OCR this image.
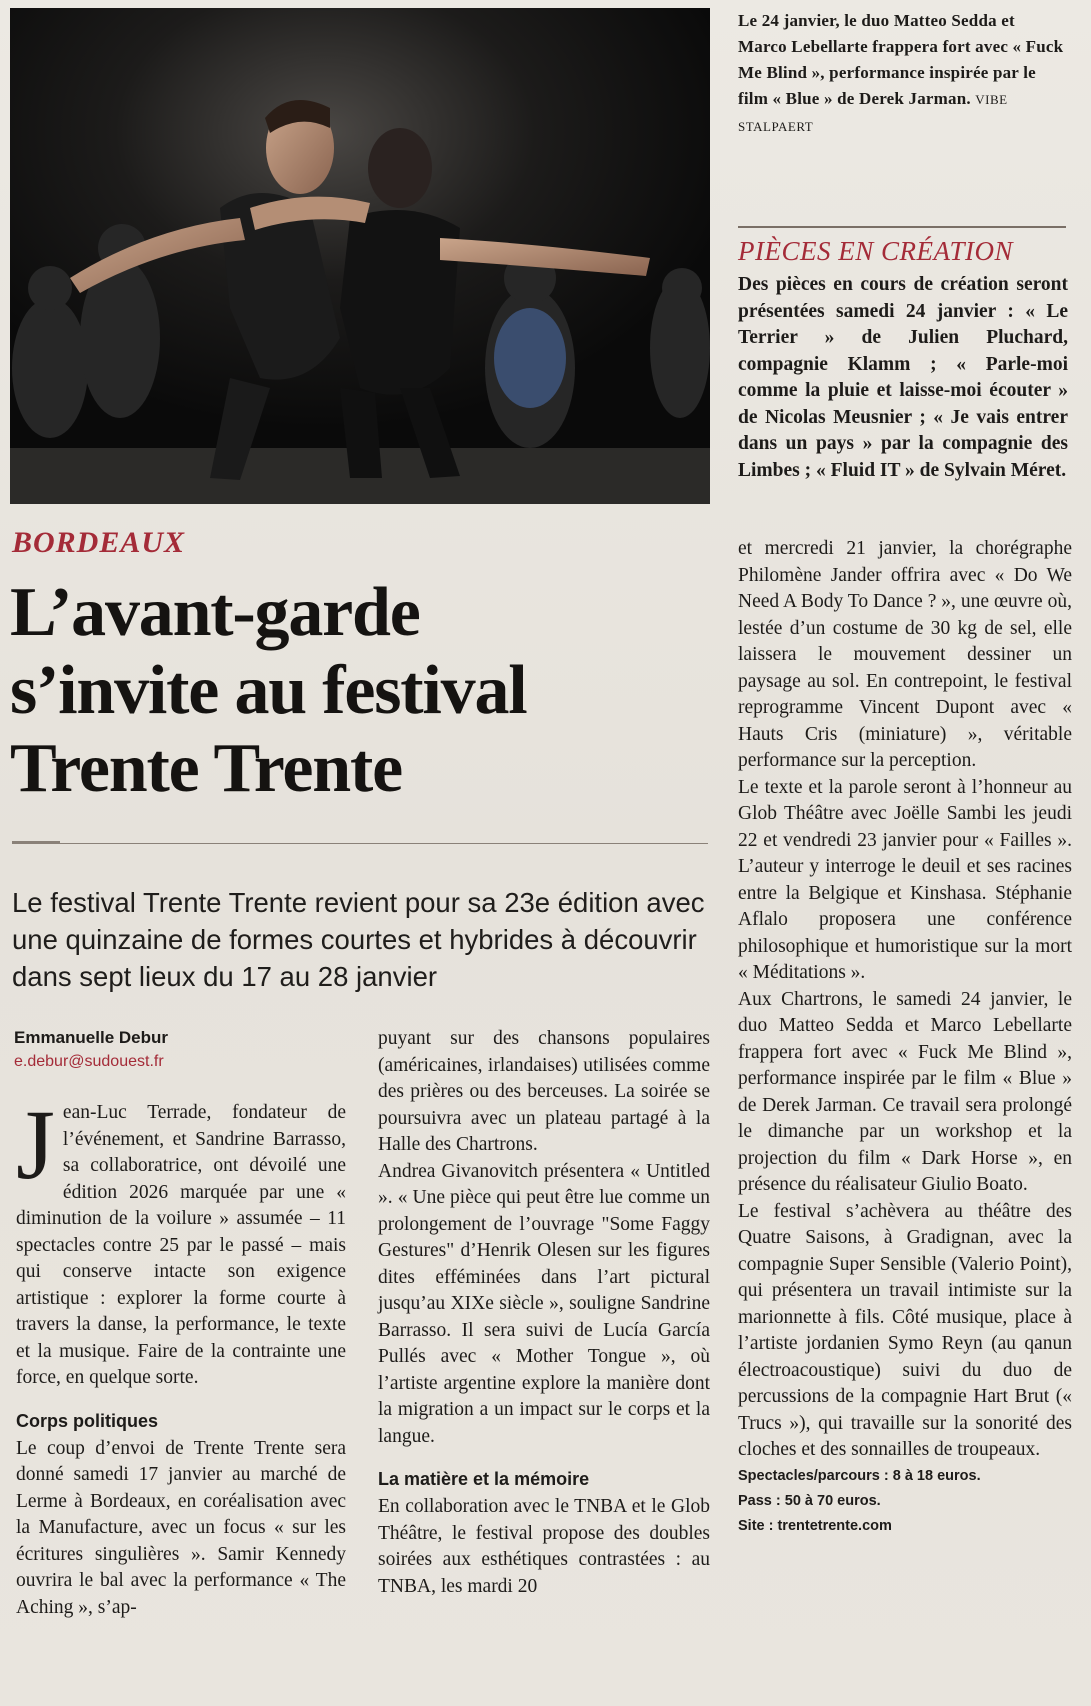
Le 24 janvier, le duo Matteo Sedda et Marco Lebellarte frappera fort avec « Fuck Me Blind », performance inspirée par le film « Blue » de Derek Jarman. VIBE STALPAERT
PIÈCES EN CRÉATION
Des pièces en cours de création seront présentées samedi 24 janvier : « Le Terrier » de Julien Pluchard, compagnie Klamm ; « Parle-moi comme la pluie et laisse-moi écouter » de Nicolas Meusnier ; « Je vais entrer dans un pays » par la compagnie des Limbes ; « Fluid IT » de Sylvain Méret.
BORDEAUX
L’avant-garde
s’invite au festival
Trente Trente
Le festival Trente Trente revient pour sa 23e édition avec une quinzaine de formes courtes et hybrides à découvrir dans sept lieux du 17 au 28 janvier
Emmanuelle Debur
e.debur@sudouest.fr

Jean-Luc Terrade, fondateur de l’événement, et Sandrine Barrasso, sa collaboratrice, ont dévoilé une édition 2026 marquée par une « diminution de la voilure » assumée – 11 spectacles contre 25 par le passé – mais qui conserve intacte son exigence artistique : explorer la forme courte à travers la danse, la performance, le texte et la musique. Faire de la contrainte une force, en quelque sorte.

Corps politiques

Le coup d’envoi de Trente Trente sera donné samedi 17 janvier au marché de Lerme à Bordeaux, en coréalisation avec la Manufacture, avec un focus « sur les écritures singulières ». Samir Kennedy ouvrira le bal avec la performance « The Aching », s’ap-

puyant sur des chansons populaires (américaines, irlandaises) utilisées comme des prières ou des berceuses. La soirée se poursuivra avec un plateau partagé à la Halle des Chartrons.

Andrea Givanovitch présentera « Untitled ». « Une pièce qui peut être lue comme un prolongement de l’ouvrage "Some Faggy Gestures" d’Henrik Olesen sur les figures dites efféminées dans l’art pictural jusqu’au XIXe siècle », souligne Sandrine Barrasso. Il sera suivi de Lucía García Pullés avec « Mother Tongue », où l’artiste argentine explore la manière dont la migration a un impact sur le corps et la langue.

La matière et la mémoire

En collaboration avec le TNBA et le Glob Théâtre, le festival propose des doubles soirées aux esthétiques contrastées : au TNBA, les mardi 20

et mercredi 21 janvier, la chorégraphe Philomène Jander offrira avec « Do We Need A Body To Dance ? », une œuvre où, lestée d’un costume de 30 kg de sel, elle laissera le mouvement dessiner un paysage au sol. En contrepoint, le festival reprogramme Vincent Dupont avec « Hauts Cris (miniature) », véritable performance sur la perception.

Le texte et la parole seront à l’honneur au Glob Théâtre avec Joëlle Sambi les jeudi 22 et vendredi 23 janvier pour « Failles ». L’auteur y interroge le deuil et ses racines entre la Belgique et Kinshasa. Stéphanie Aflalo proposera une conférence philosophique et humoristique sur la mort « Méditations ».

Aux Chartrons, le samedi 24 janvier, le duo Matteo Sedda et Marco Lebellarte frappera fort avec « Fuck Me Blind », performance inspirée par le film « Blue » de Derek Jarman. Ce travail sera prolongé le dimanche par un workshop et la projection du film « Dark Horse », en présence du réalisateur Giulio Boato.

Le festival s’achèvera au théâtre des Quatre Saisons, à Gradignan, avec la compagnie Super Sensible (Valerio Point), qui présentera un travail intimiste sur la marionnette à fils. Côté musique, place à l’artiste jordanien Symo Reyn (au qanun électroacoustique) suivi du duo de percussions de la compagnie Hart Brut (« Trucs »), qui travaille sur la sonorité des cloches et des sonnailles de troupeaux.

Spectacles/parcours : 8 à 18 euros.

Pass : 50 à 70 euros.

Site : trentetrente.com
